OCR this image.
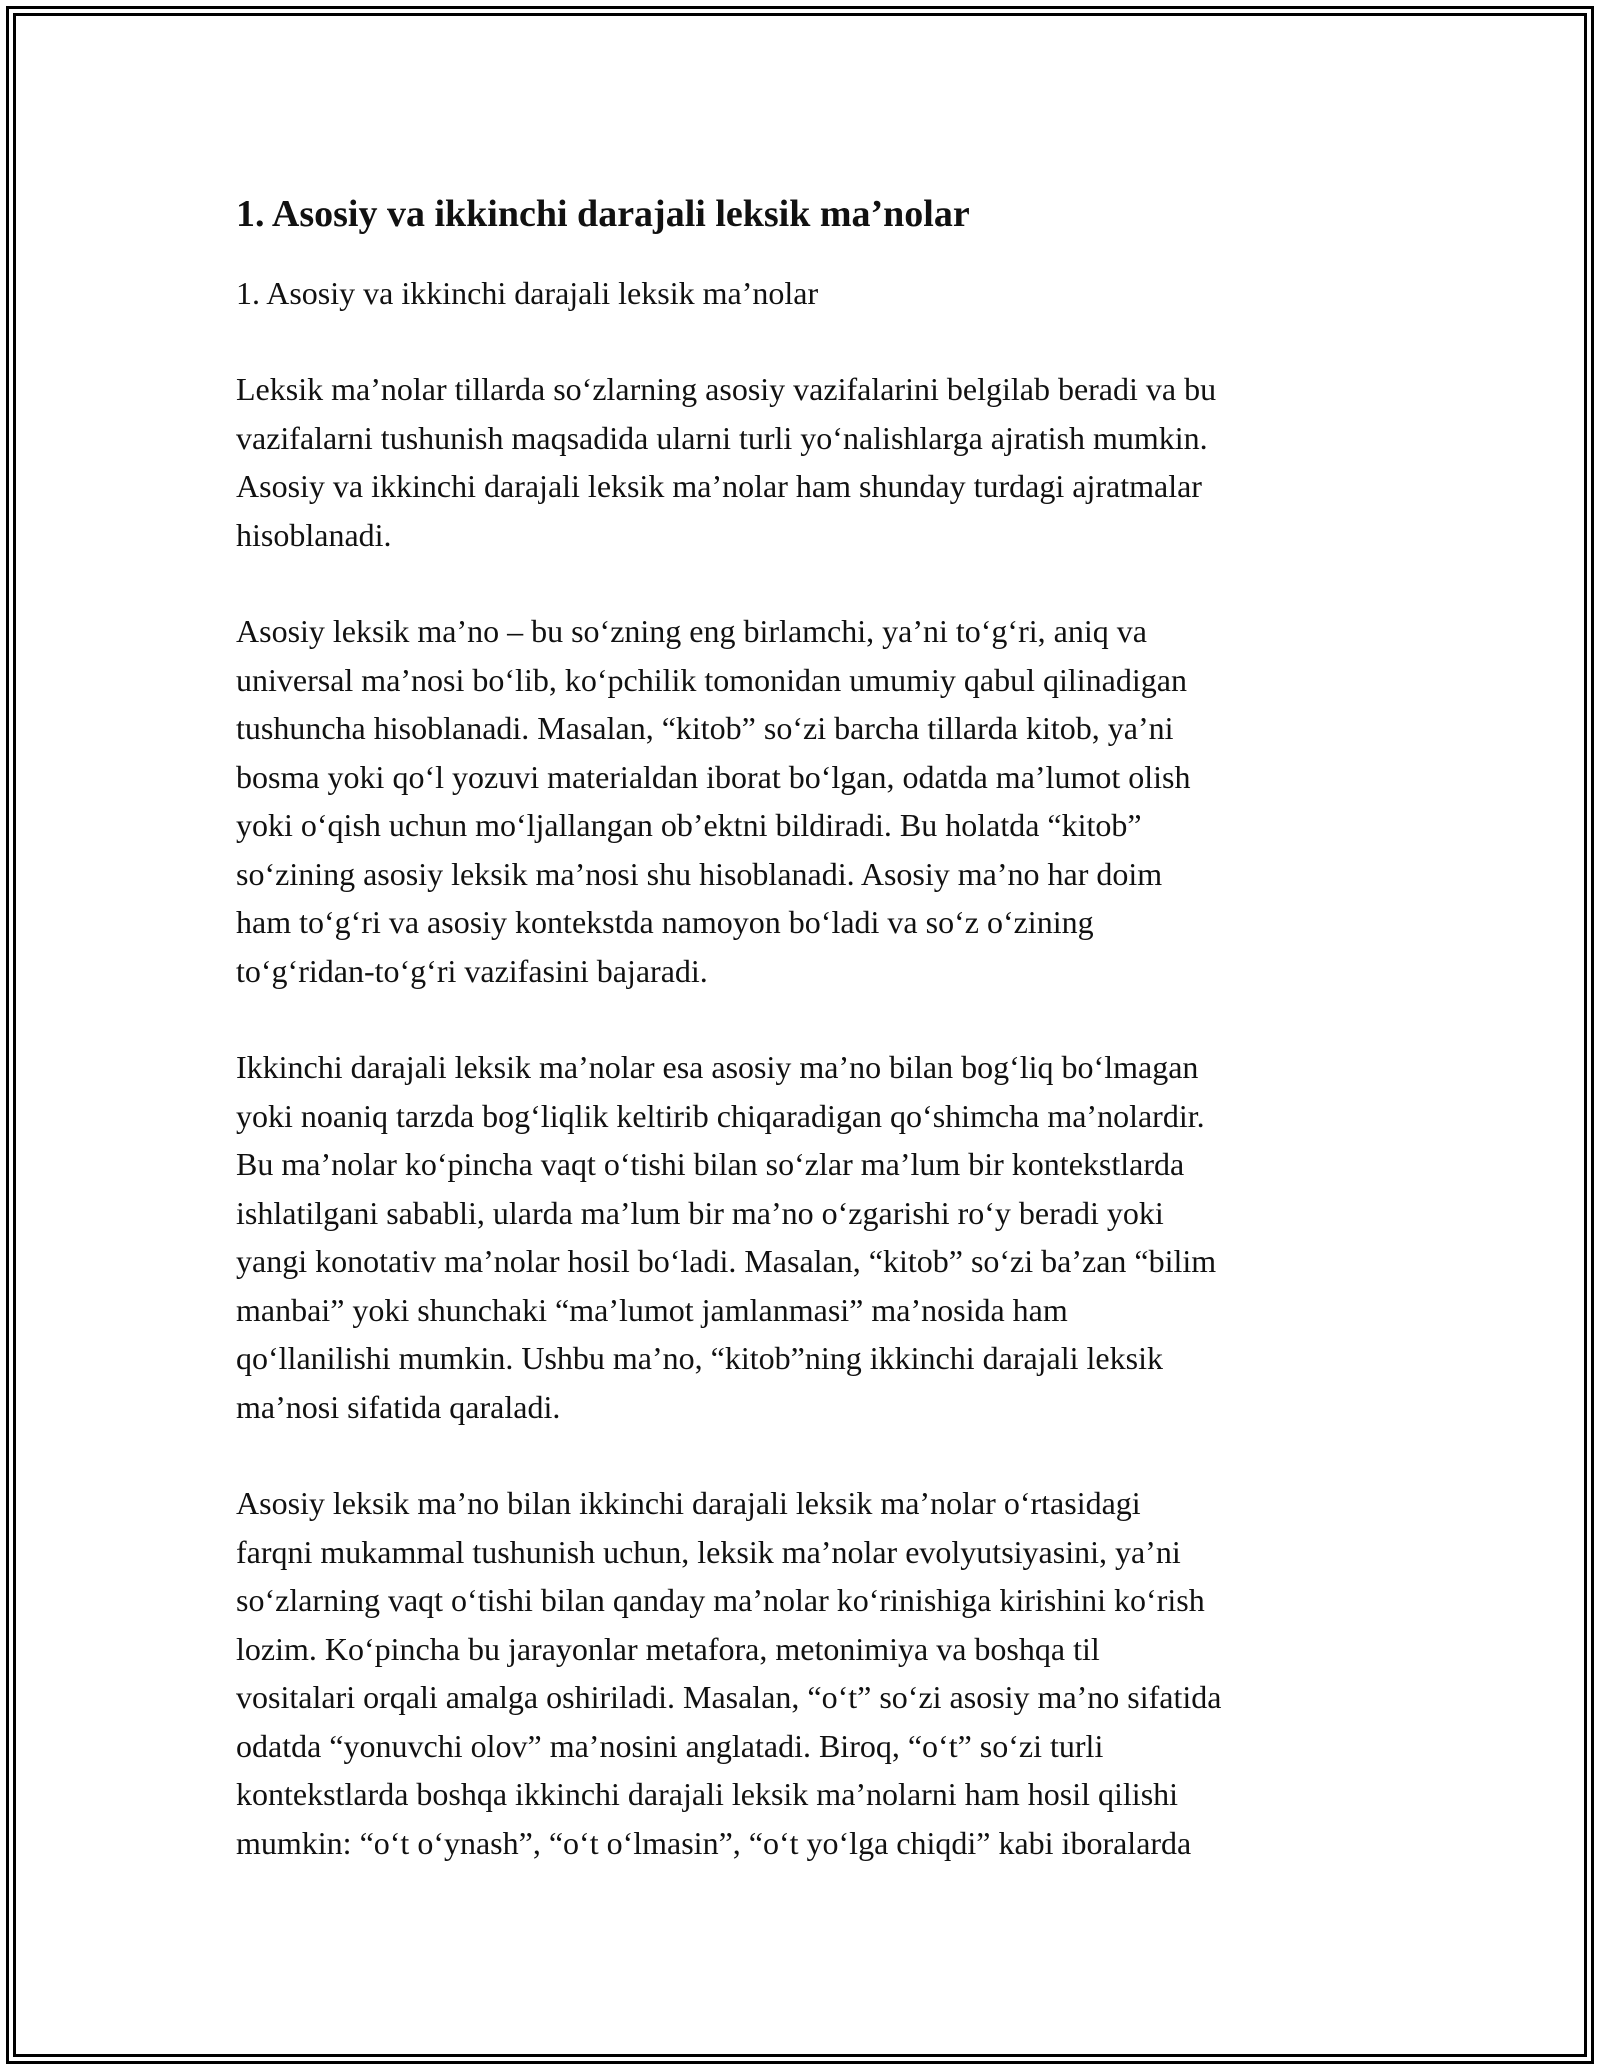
1. Asosiy va ikkinchi darajali leksik ma’nolar

1. Asosiy va ikkinchi darajali leksik ma’nolar

Leksik ma’nolar tillarda so‘zlarning asosiy vazifalarini belgilab beradi va bu
vazifalarni tushunish maqsadida ularni turli yo‘nalishlarga ajratish mumkin.
Asosiy va ikkinchi darajali leksik ma’nolar ham shunday turdagi ajratmalar
hisoblanadi.

Asosiy leksik ma’no – bu so‘zning eng birlamchi, ya’ni to‘g‘ri, aniq va
universal ma’nosi bo‘lib, ko‘pchilik tomonidan umumiy qabul qilinadigan
tushuncha hisoblanadi. Masalan, “kitob” so‘zi barcha tillarda kitob, ya’ni
bosma yoki qo‘l yozuvi materialdan iborat bo‘lgan, odatda ma’lumot olish
yoki o‘qish uchun mo‘ljallangan ob’ektni bildiradi. Bu holatda “kitob”
so‘zining asosiy leksik ma’nosi shu hisoblanadi. Asosiy ma’no har doim
ham to‘g‘ri va asosiy kontekstda namoyon bo‘ladi va so‘z o‘zining
to‘g‘ridan-to‘g‘ri vazifasini bajaradi.

Ikkinchi darajali leksik ma’nolar esa asosiy ma’no bilan bog‘liq bo‘lmagan
yoki noaniq tarzda bog‘liqlik keltirib chiqaradigan qo‘shimcha ma’nolardir.
Bu ma’nolar ko‘pincha vaqt o‘tishi bilan so‘zlar ma’lum bir kontekstlarda
ishlatilgani sababli, ularda ma’lum bir ma’no o‘zgarishi ro‘y beradi yoki
yangi konotativ ma’nolar hosil bo‘ladi. Masalan, “kitob” so‘zi ba’zan “bilim
manbai” yoki shunchaki “ma’lumot jamlanmasi” ma’nosida ham
qo‘llanilishi mumkin. Ushbu ma’no, “kitob”ning ikkinchi darajali leksik
ma’nosi sifatida qaraladi.

Asosiy leksik ma’no bilan ikkinchi darajali leksik ma’nolar o‘rtasidagi
farqni mukammal tushunish uchun, leksik ma’nolar evolyutsiyasini, ya’ni
so‘zlarning vaqt o‘tishi bilan qanday ma’nolar ko‘rinishiga kirishini ko‘rish
lozim. Ko‘pincha bu jarayonlar metafora, metonimiya va boshqa til
vositalari orqali amalga oshiriladi. Masalan, “o‘t” so‘zi asosiy ma’no sifatida
odatda “yonuvchi olov” ma’nosini anglatadi. Biroq, “o‘t” so‘zi turli
kontekstlarda boshqa ikkinchi darajali leksik ma’nolarni ham hosil qilishi
mumkin: “o‘t o‘ynash”, “o‘t o‘lmasin”, “o‘t yo‘lga chiqdi” kabi iboralarda
